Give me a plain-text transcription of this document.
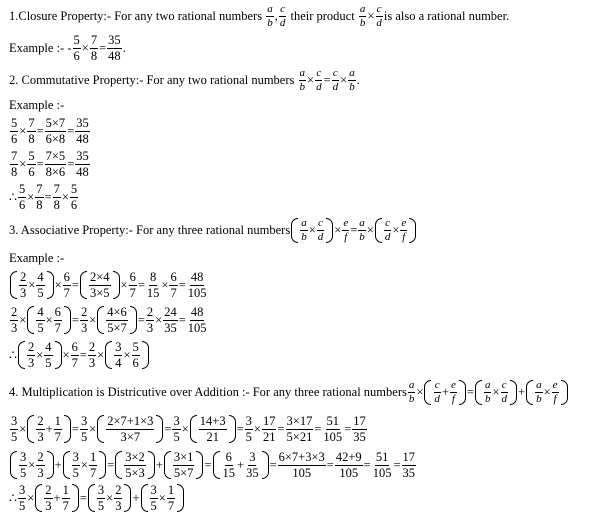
1.Closure Property:- For any two rational numbers
$\frac{a}{b}$ , $\frac{c}{d}$
their product
$\frac{a}{b} \times \frac{c}{d}$ is also a rational number.
Example :-
- $\frac{5}{6} \times \frac{7}{8} = \frac{35}{48}$ .
2. Commutative Property:- For any two rational numbers
$\frac{a}{b} \times \frac{c}{d} = \frac{c}{d} \times \frac{a}{b}$ .
Example :-
$\frac{5}{6} \times \frac{7}{8} = \frac{5\times 7}{6\times 8} = \frac{35}{48}$
$\frac{7}{8} \times \frac{5}{6} = \frac{7\times 5}{8\times 6} = \frac{35}{48}$
∴ $\frac{5}{6} \times \frac{7}{8} = \frac{7}{8} \times \frac{5}{6}$
3. Associative Property:- For any three rational numbers $\frac{a}{b} \times \frac{c}{d} \times \frac{e}{f} = \frac{a}{b} \times \frac{c}{d} \times \frac{e}{f}$
Example :-
$\frac{2}{3} \times \frac{4}{5} \times \frac{6}{7} = \frac{2\times 4}{3\times 5} \times \frac{6}{7} = \frac{8}{15} \times \frac{6}{7} = \frac{48}{105}$
$\frac{2}{3} \times \frac{4}{5} \times \frac{6}{7} = \frac{2}{3} \times \frac{4\times 6}{5\times 7} = \frac{2}{3} \times \frac{24}{35} = \frac{48}{105}$
∴ $\frac{2}{3} \times \frac{4}{5} \times \frac{6}{7} = \frac{2}{3} \times \frac{3}{4} \times \frac{5}{6}$
4. Multiplication is Districutive over Addition :- For any three rational numbers $\frac{a}{b} \times \frac{c}{d} + \frac{e}{f} = \frac{a}{b} \times \frac{c}{d} + \frac{a}{b} \times \frac{e}{f}$
$\frac{3}{5} \times \frac{2}{3} + \frac{1}{7} = \frac{3}{5} \times \frac{2\times 7+1\times 3}{3\times 7} = \frac{3}{5} \times \frac{14+3}{21} = \frac{3}{5} \times \frac{17}{21} = \frac{3\times 17}{5\times 21} = \frac{51}{105} = \frac{17}{35}$
$\frac{3}{5} \times \frac{2}{3} + \frac{3}{5} \times \frac{1}{7} = \frac{3\times 2}{5\times 3} + \frac{3\times 1}{5\times 7} = \frac{6}{15} + \frac{3}{35} = \frac{6\times 7+3\times 3}{105} = \frac{42+9}{105} = \frac{51}{105} = \frac{17}{35}$
∴ $\frac{3}{5} \times \frac{2}{3} + \frac{1}{7} = \frac{3}{5} \times \frac{2}{3} + \frac{3}{5} \times \frac{1}{7}$
